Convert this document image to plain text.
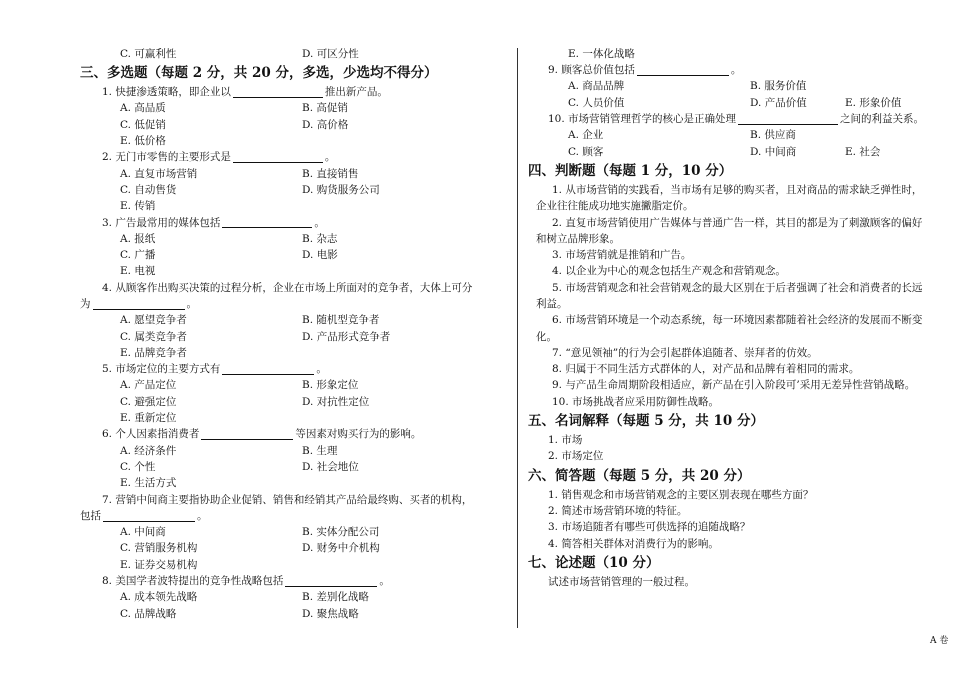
C. 可赢利性	D. 可区分性
三、多选题（每题 2 分，共 20 分，多选，少选均不得分）
1. 快捷渗透策略，即企业以	推出新产品。
A. 高品质	B. 高促销
C. 低促销	D. 高价格
E. 低价格
2. 无门市零售的主要形式是	。
A. 直复市场营销	B. 直接销售
C. 自动售货	D. 购货服务公司
E. 传销
3. 广告最常用的媒体包括	。
A. 报纸	B. 杂志
C. 广播	D. 电影
E. 电视
4. 从顾客作出购买决策的过程分析，企业在市场上所面对的竞争者，大体上可分
为	。
A. 愿望竞争者	B. 随机型竞争者
C. 属类竞争者	D. 产品形式竞争者
E. 品牌竞争者
5. 市场定位的主要方式有	。
A. 产品定位	B. 形象定位
C. 避强定位	D. 对抗性定位
E. 重新定位
6. 个人因素指消费者	等因素对购买行为的影响。
A. 经济条件	B. 生理
C. 个性	D. 社会地位
E. 生活方式
7. 营销中间商主要指协助企业促销、销售和经销其产品给最终购、买者的机构，
包括	。
A. 中间商	B. 实体分配公司
C. 营销服务机构	D. 财务中介机构
E. 证券交易机构
8. 美国学者波特提出的竞争性战略包括	。
A. 成本领先战略	B. 差别化战略
C. 品牌战略	D. 聚焦战略
E. 一体化战略
9. 顾客总价值包括	。
A. 商品品牌	B. 服务价值
C. 人员价值	D. 产品价值	E. 形象价值
10. 市场营销管理哲学的核心是正确处理	之间的利益关系。
A. 企业	B. 供应商
C. 顾客	D. 中间商	E. 社会
四、判断题（每题 1 分，10 分）
1. 从市场营销的实践看，当市场有足够的购买者，且对商品的需求缺乏弹性时，
企业往往能成功地实施撇脂定价。
2. 直复市场营销使用广告媒体与普通广告一样，其目的都是为了刺激顾客的偏好
和树立品牌形象。
3. 市场营销就是推销和广告。
4. 以企业为中心的观念包括生产观念和营销观念。
5. 市场营销观念和社会营销观念的最大区别在于后者强调了社会和消费者的长远
利益。
6. 市场营销环境是一个动态系统，每一环境因素都随着社会经济的发展而不断变
化。
7. “意见领袖”的行为会引起群体追随者、崇拜者的仿效。
8. 归属于不同生活方式群体的人，对产品和品牌有着相同的需求。
9. 与产品生命周期阶段相适应，新产品在引入阶段可’采用无差异性营销战略。
10. 市场挑战者应采用防御性战略。
五、名词解释（每题 5 分，共 10 分）
1. 市场
2. 市场定位
六、简答题（每题 5 分，共 20 分）
1. 销售观念和市场营销观念的主要区别表现在哪些方面？
2. 简述市场营销环境的特征。
3. 市场追随者有哪些可供选择的追随战略？
4. 简答相关群体对消费行为的影响。
七、论述题（10 分）
试述市场营销管理的一般过程。
A 卷
